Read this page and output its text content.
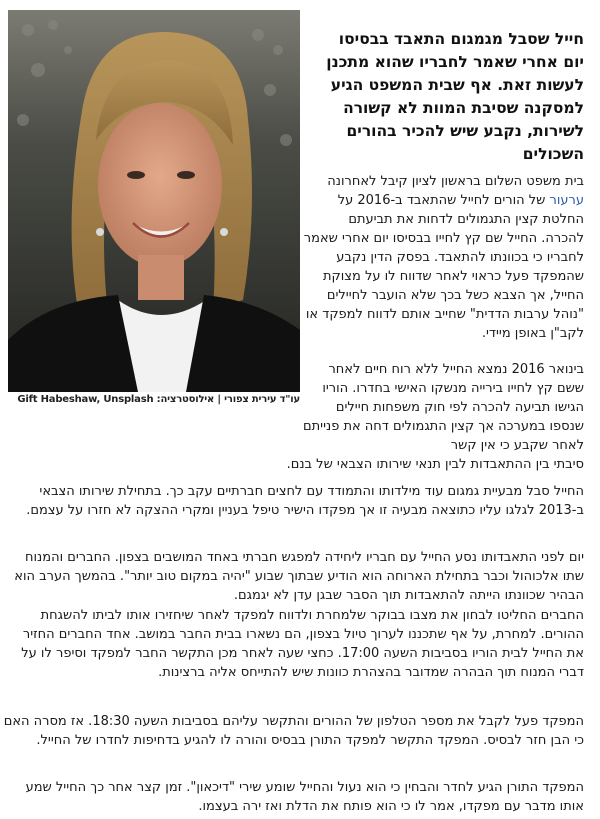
עו"ד עירית צפורי | אילוסטרציה: Gift Habeshaw, Unsplash
חייל שסבל מגמגום התאבד בבסיסו יום אחרי שאמר לחבריו שהוא מתכנן לעשות זאת. אף שבית המשפט הגיע למסקנה שסיבת המוות לא קשורה לשירות, נקבע שיש להכיר בהורים השכולים

בית משפט השלום בראשון לציון קיבל לאחרונה ערעור של הורים לחייל שהתאבד ב-2016 על החלטת קצין התגמולים לדחות את תביעתם להכרה. החייל שם קץ לחייו בבסיסו יום אחרי שאמר לחבריו כי בכוונתו להתאבד. בפסק הדין נקבע שהמפקד פעל כראוי לאחר שדווח לו על מצוקת החייל, אך הצבא כשל בכך שלא הועבר לחיילים "נוהל ערבות הדדית" שחייב אותם לדווח למפקד או לקב"ן באופן מיידי.

בינואר 2016 נמצא החייל ללא רוח חיים לאחר ששם קץ לחייו בירייה מנשקו האישי בחדרו. הוריו הגישו תביעה להכרה לפי חוק משפחות חיילים שנספו במערכה אך קצין התגמולים דחה את פנייתם לאחר שקבע כי אין קשר
סיבתי בין ההתאבדות לבין תנאי שירותו הצבאי של בנם.

החייל סבל מבעיית גמגום עוד מילדותו והתמודד עם לחצים חברתיים עקב כך. בתחילת שירותו הצבאי ב-2013 לגלגו עליו כתוצאה מבעיה זו אך מפקדו הישיר טיפל בעניין ומקרי ההצקה לא חזרו על עצמם.

יום לפני התאבדותו נסע החייל עם חבריו ליחידה למפגש חברתי באחד המושבים בצפון. החברים והמנוח שתו אלכוהול וכבר בתחילת הארוחה הוא הודיע שבתוך שבוע "יהיה במקום טוב יותר". בהמשך הערב הוא הבהיר שכוונתו הייתה להתאבדות תוך הסבר שבגן עדן לא יגמגם.

החברים החליטו לבחון את מצבו בבוקר שלמחרת ולדווח למפקד לאחר שיחזירו אותו לביתו להשגחת ההורים. למחרת, על אף שתכננו לערוך טיול בצפון, הם נשארו בבית החבר במושב. אחד החברים החזיר את החייל לבית הוריו בסביבות השעה 17:00. כחצי שעה לאחר מכן התקשר החבר למפקד וסיפר לו על דברי המנוח תוך הבהרה שמדובר בהצהרת כוונות שיש להתייחס אליה ברצינות.

המפקד פעל לקבל את מספר הטלפון של ההורים והתקשר עליהם בסביבות השעה 18:30. אז מסרה האם כי הבן חזר לבסיס. המפקד התקשר למפקד התורן בבסיס והורה לו להגיע בדחיפות לחדרו של החייל.

המפקד התורן הגיע לחדר והבחין כי הוא נעול והחייל שומע שירי "דיכאון". זמן קצר אחר כך החייל שמע אותו מדבר עם מפקדו, אמר לו כי הוא פותח את הדלת ואז ירה בעצמו.
